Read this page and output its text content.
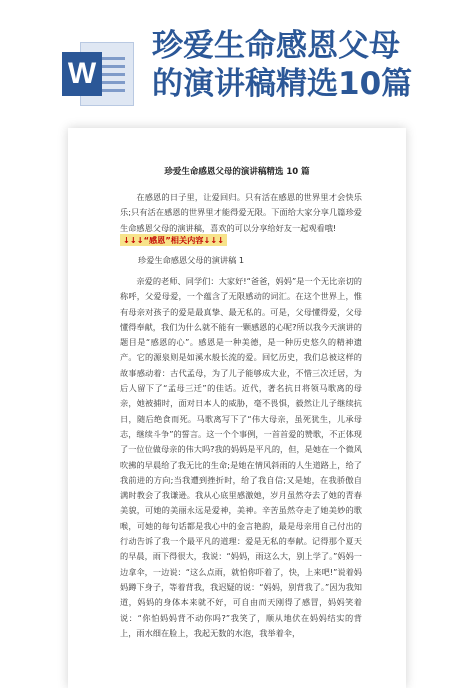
W
珍爱生命感恩父母
的演讲稿精选10篇
珍爱生命感恩父母的演讲稿精选 10 篇
在感恩的日子里，让爱回归。只有活在感恩的世界里才会快乐乐;只有活在感恩的世界里才能得爱无限。下面给大家分享几篇珍爱生命感恩父母的演讲稿，喜欢的可以分享给好友一起观看哦!
↓↓↓“感恩”相关内容↓↓↓
珍爱生命感恩父母的演讲稿 1
亲爱的老师、同学们：大家好!“爸爸，妈妈”是一个无比亲切的称呼，父爱母爱，一个蕴含了无限感动的词汇。在这个世界上，惟有母亲对孩子的爱是最真挚、最无私的。可是，父母懂得爱，父母懂得奉献，我们为什么就不能有一颗感恩的心呢?所以我今天演讲的题目是“感恩的心”。感恩是一种美德，是一种历史悠久的精神遗产。它的源泉则是如溪水般长流的爱。回忆历史，我们总被这样的故事感动着：古代孟母，为了儿子能够成大业，不惜三次迁居，为后人留下了“孟母三迁”的佳话。近代，著名抗日将领马歌离的母亲，她被捕时，面对日本人的威胁，毫不畏惧，毅然让儿子继续抗日，随后绝食而死。马歌离写下了“伟大母亲，虽死犹生，儿承母志，继续斗争”的誓言。这一个个事例，一首首爱的赞歌，不正体现了一位位做母亲的伟大吗?我的妈妈是平凡的，但，是她在一个微风吹拂的早晨给了我无比的生命;是她在情风斜雨的人生道路上，给了我前进的方向;当我遭到挫折时，给了我自信;又是她，在我骄傲自满时教会了我谦逊。我从心底里感激她，岁月虽然夺去了她的青春美貌，可她的美丽永远是爱神，美神。辛苦虽然夺走了她美妙的歌喉，可她的每句话都是我心中的金言艳韵，最是母亲用自己付出的行动告诉了我一个最平凡的道理：爱是无私的奉献。记得那个夏天的早晨，雨下得很大，我说：“妈妈，雨这么大，别上学了。”妈妈一边拿伞，一边说：“这么点雨，就怕你吓着了，快，上来吧!”说着妈妈蹲下身子，等着背我，我迟疑的说：“妈妈，别背我了。”因为我知道，妈妈的身体本来就不好，可自由而天刚得了感冒，妈妈笑着说：“你怕妈妈背不动你吗?”我笑了，顺从地伏在妈妈结实的背上，雨水细在脸上，我起无数的水泡，我举着伞，
